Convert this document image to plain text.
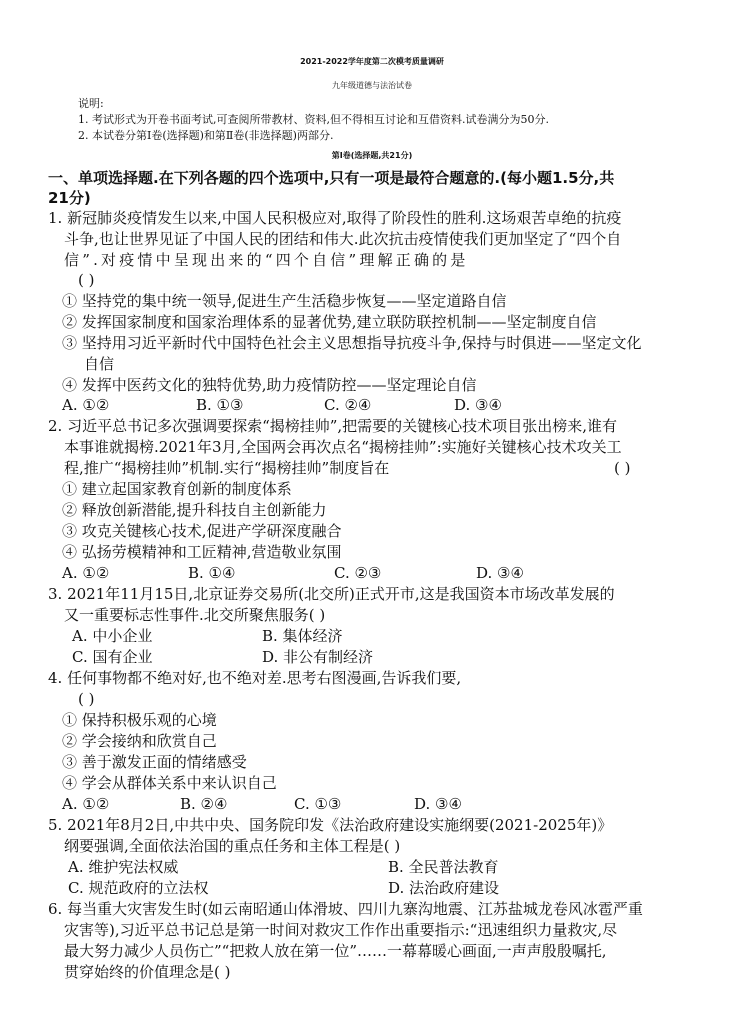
2021-2022学年度第二次模考质量调研
九年级道德与法治试卷
说明:
1. 考试形式为开卷书面考试,可查阅所带教材、资料,但不得相互讨论和互借资料.试卷满分为50分.
2. 本试卷分第Ⅰ卷(选择题)和第Ⅱ卷(非选择题)两部分.
第Ⅰ卷(选择题,共21分)
一、单项选择题.在下列各题的四个选项中,只有一项是最符合题意的.(每小题1.5分,共
21分)
1. 新冠肺炎疫情发生以来,中国人民积极应对,取得了阶段性的胜利.这场艰苦卓绝的抗疫
斗争,也让世界见证了中国人民的团结和伟大.此次抗击疫情使我们更加坚定了“四个自
信”.对疫情中呈现出来的“四个自信”理解正确的是
( )
① 坚持党的集中统一领导,促进生产生活稳步恢复——坚定道路自信
② 发挥国家制度和国家治理体系的显著优势,建立联防联控机制——坚定制度自信
③ 坚持用习近平新时代中国特色社会主义思想指导抗疫斗争,保持与时俱进——坚定文化
自信
④ 发挥中医药文化的独特优势,助力疫情防控——坚定理论自信
A. ①②	B. ①③	C. ②④	D. ③④
2. 习近平总书记多次强调要探索“揭榜挂帅”,把需要的关键核心技术项目张出榜来,谁有
本事谁就揭榜.2021年3月,全国两会再次点名“揭榜挂帅”:实施好关键核心技术攻关工
程,推广“揭榜挂帅”机制.实行“揭榜挂帅”制度旨在	( )
① 建立起国家教育创新的制度体系
② 释放创新潜能,提升科技自主创新能力
③ 攻克关键核心技术,促进产学研深度融合
④ 弘扬劳模精神和工匠精神,营造敬业氛围
A. ①②	B. ①④	C. ②③	D. ③④
3. 2021年11月15日,北京证券交易所(北交所)正式开市,这是我国资本市场改革发展的
又一重要标志性事件.北交所聚焦服务( )
A. 中小企业	B. 集体经济
C. 国有企业	D. 非公有制经济
4. 任何事物都不绝对好,也不绝对差.思考右图漫画,告诉我们要,
( )
① 保持积极乐观的心境
② 学会接纳和欣赏自己
③ 善于激发正面的情绪感受
④ 学会从群体关系中来认识自己
A. ①②	B. ②④	C. ①③	D. ③④
5. 2021年8月2日,中共中央、国务院印发《法治政府建设实施纲要(2021-2025年)》
纲要强调,全面依法治国的重点任务和主体工程是( )
A. 维护宪法权威	B. 全民普法教育
C. 规范政府的立法权	D. 法治政府建设
6. 每当重大灾害发生时(如云南昭通山体滑坡、四川九寨沟地震、江苏盐城龙卷风冰雹严重
灾害等),习近平总书记总是第一时间对救灾工作作出重要指示:“迅速组织力量救灾,尽
最大努力减少人员伤亡”“把救人放在第一位”……一幕幕暖心画面,一声声殷殷嘱托,
贯穿始终的价值理念是( )
